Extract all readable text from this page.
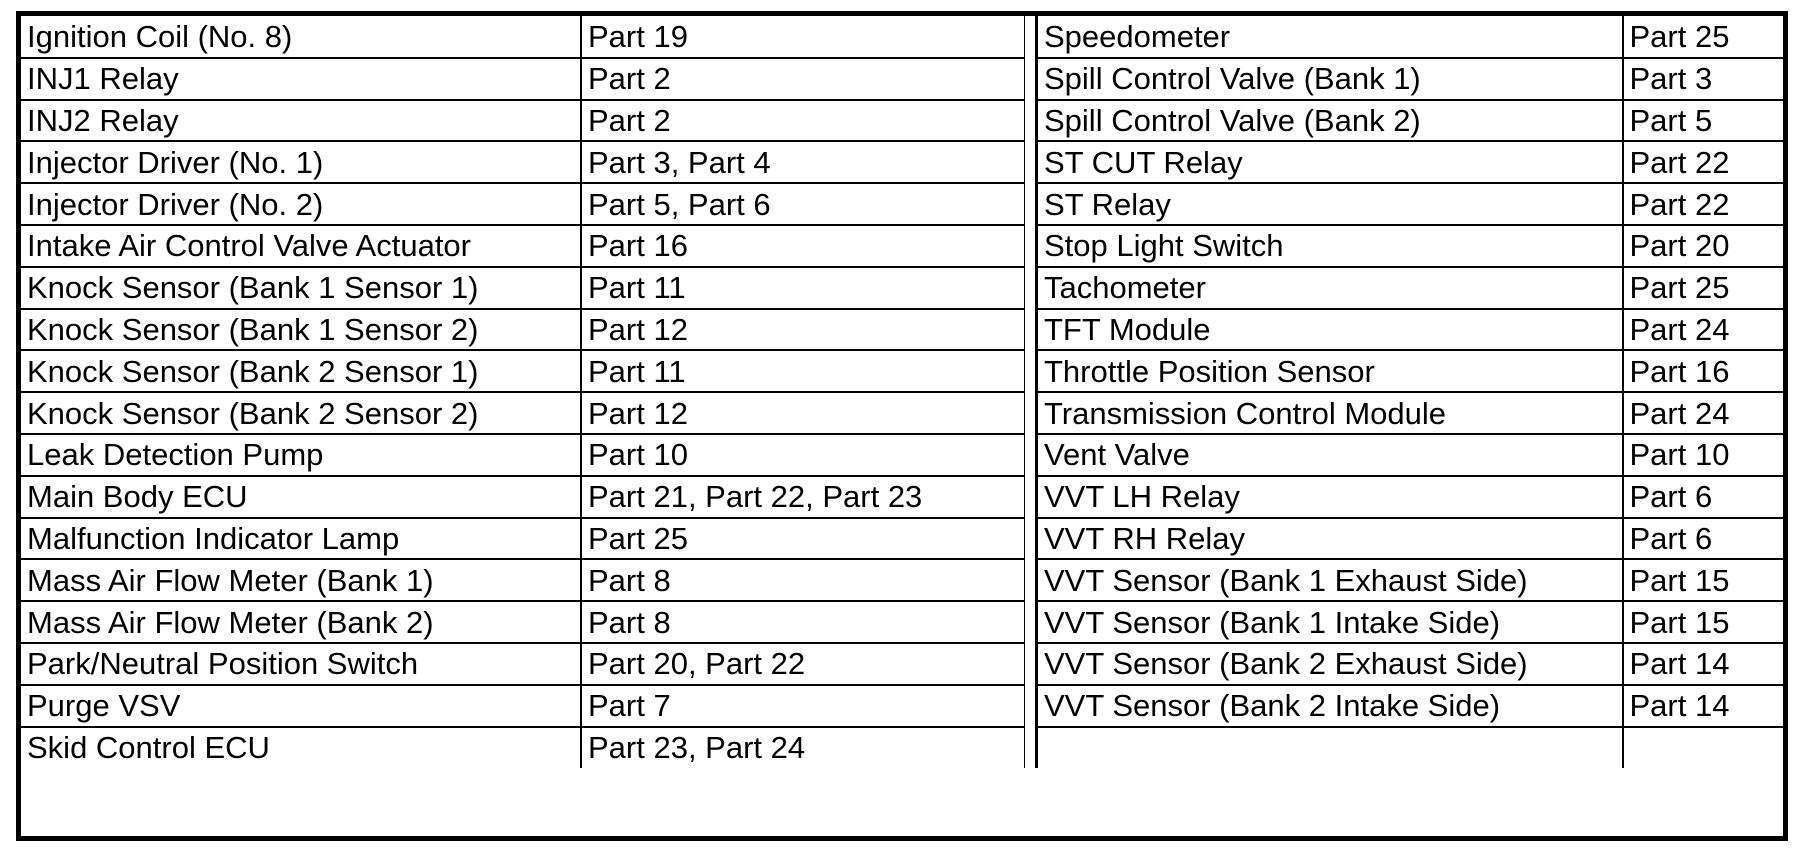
Ignition Coil (No. 8)	Part 19
INJ1 Relay	Part 2
INJ2 Relay	Part 2
Injector Driver (No. 1)	Part 3, Part 4
Injector Driver (No. 2)	Part 5, Part 6
Intake Air Control Valve Actuator	Part 16
Knock Sensor (Bank 1 Sensor 1)	Part 11
Knock Sensor (Bank 1 Sensor 2)	Part 12
Knock Sensor (Bank 2 Sensor 1)	Part 11
Knock Sensor (Bank 2 Sensor 2)	Part 12
Leak Detection Pump	Part 10
Main Body ECU	Part 21, Part 22, Part 23
Malfunction Indicator Lamp	Part 25
Mass Air Flow Meter (Bank 1)	Part 8
Mass Air Flow Meter (Bank 2)	Part 8
Park/Neutral Position Switch	Part 20, Part 22
Purge VSV	Part 7
Skid Control ECU	Part 23, Part 24
Speedometer	Part 25
Spill Control Valve (Bank 1)	Part 3
Spill Control Valve (Bank 2)	Part 5
ST CUT Relay	Part 22
ST Relay	Part 22
Stop Light Switch	Part 20
Tachometer	Part 25
TFT Module	Part 24
Throttle Position Sensor	Part 16
Transmission Control Module	Part 24
Vent Valve	Part 10
VVT LH Relay	Part 6
VVT RH Relay	Part 6
VVT Sensor (Bank 1 Exhaust Side)	Part 15
VVT Sensor (Bank 1 Intake Side)	Part 15
VVT Sensor (Bank 2 Exhaust Side)	Part 14
VVT Sensor (Bank 2 Intake Side)	Part 14
